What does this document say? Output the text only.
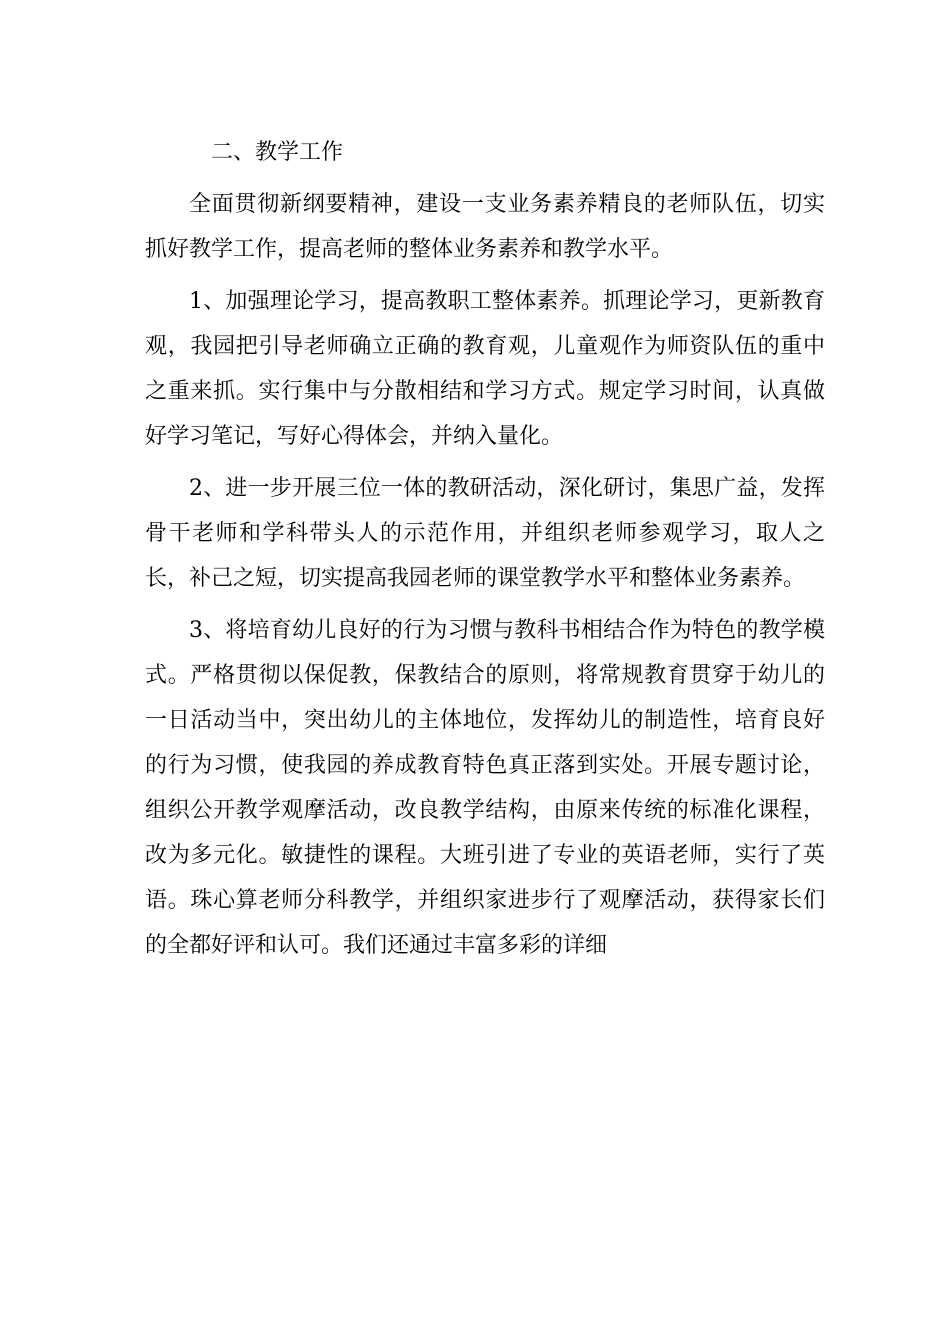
二、教学工作

全面贯彻新纲要精神，建设一支业务素养精良的老师队伍，切实抓好教学工作，提高老师的整体业务素养和教学水平。

1、加强理论学习，提高教职工整体素养。抓理论学习，更新教育观，我园把引导老师确立正确的教育观，儿童观作为师资队伍的重中之重来抓。实行集中与分散相结和学习方式。规定学习时间，认真做好学习笔记，写好心得体会，并纳入量化。

2、进一步开展三位一体的教研活动，深化研讨，集思广益，发挥骨干老师和学科带头人的示范作用，并组织老师参观学习，取人之长，补己之短，切实提高我园老师的课堂教学水平和整体业务素养。

3、将培育幼儿良好的行为习惯与教科书相结合作为特色的教学模式。严格贯彻以保促教，保教结合的原则，将常规教育贯穿于幼儿的一日活动当中，突出幼儿的主体地位，发挥幼儿的制造性，培育良好的行为习惯，使我园的养成教育特色真正落到实处。开展专题讨论，组织公开教学观摩活动，改良教学结构，由原来传统的标准化课程，改为多元化。敏捷性的课程。大班引进了专业的英语老师，实行了英语。珠心算老师分科教学，并组织家进步行了观摩活动，获得家长们的全都好评和认可。我们还通过丰富多彩的详细
